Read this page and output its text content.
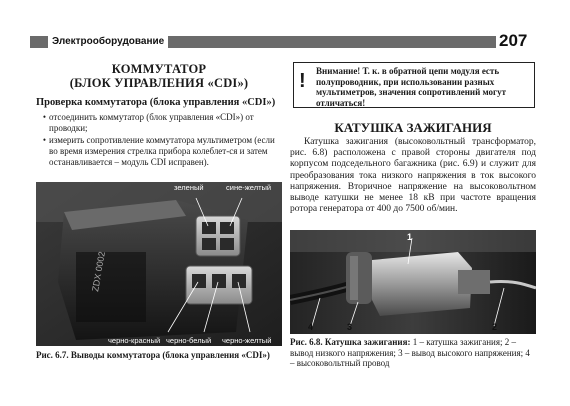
Электрооборудование	207
КОММУТАТОР
(БЛОК УПРАВЛЕНИЯ «CDI»)
Проверка коммутатора (блока управления «CDI»)
• отсоединить коммутатор (блок управления «CDI») от проводки;
• измерить сопротивление коммутатора мультиметром (если во время измерения стрелка прибора колеблет-ся и затем останавливается – модуль CDI исправен).
ZDX 0002
зеленый	сине-желтый
черно-красный черно-белый черно-желтый
Рис. 6.7. Выводы коммутатора (блока управления «CDI»)
!	Внимание! Т. к. в обратной цепи модуля есть полупроводник, при использовании разных мультиметров, значения сопротивлений могут отличаться!
КАТУШКА ЗАЖИГАНИЯ
Катушка зажигания (высоковольтный трансформатор, рис. 6.8) расположена с правой стороны двигателя под корпусом подседельного багажника (рис. 6.9) и служит для преобразования тока низкого напряжения в ток высокого напряжения. Вторичное напряжение на высоковольтном выводе катушки не менее 18 кВ при частоте вращения ротора генератора от 400 до 7500 об/мин.
4	3
1
2
Рис. 6.8. Катушка зажигания: 1 – катушка зажигания; 2 – вывод низкого напряжения; 3 – вывод высокого напряжения; 4 – высоковольтный провод
